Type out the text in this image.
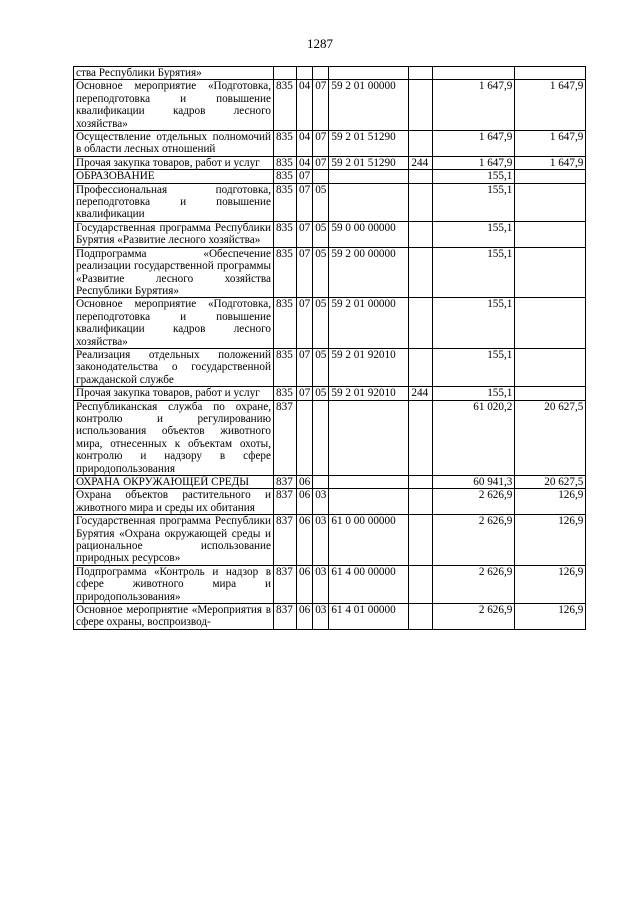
1287
ства Республики Бурятия»							
Основное мероприятие «Подготовка, переподготовка и повышение квалификации кадров лесного хозяйства»	835	04	07	59 2 01 00000		1 647,9	1 647,9
Осуществление отдельных полномочий в области лесных отношений	835	04	07	59 2 01 51290		1 647,9	1 647,9
Прочая закупка товаров, работ и услуг	835	04	07	59 2 01 51290	244	1 647,9	1 647,9
ОБРАЗОВАНИЕ	835	07				155,1	
Профессиональная подготовка, переподготовка и повышение квалификации	835	07	05			155,1	
Государственная программа Республики Бурятия «Развитие лесного хозяйства»	835	07	05	59 0 00 00000		155,1	
Подпрограмма «Обеспечение реализации государственной программы «Развитие лесного хозяйства Республики Бурятия»	835	07	05	59 2 00 00000		155,1	
Основное мероприятие «Подготовка, переподготовка и повышение квалификации кадров лесного хозяйства»	835	07	05	59 2 01 00000		155,1	
Реализация отдельных положений законодательства о государственной гражданской службе	835	07	05	59 2 01 92010		155,1	
Прочая закупка товаров, работ и услуг	835	07	05	59 2 01 92010	244	155,1	
Республиканская служба по охране, контролю и регулированию использования объектов животного мира, отнесенных к объектам охоты, контролю и надзору в сфере природопользования	837					61 020,2	20 627,5
ОХРАНА ОКРУЖАЮЩЕЙ СРЕДЫ	837	06				60 941,3	20 627,5
Охрана объектов растительного и животного мира и среды их обитания	837	06	03			2 626,9	126,9
Государственная программа Республики Бурятия «Охрана окружающей среды и рациональное использование природных ресурсов»	837	06	03	61 0 00 00000		2 626,9	126,9
Подпрограмма «Контроль и надзор в сфере животного мира и природопользования»	837	06	03	61 4 00 00000		2 626,9	126,9
Основное мероприятие «Мероприятия в сфере охраны, воспроизвод-	837	06	03	61 4 01 00000		2 626,9	126,9
